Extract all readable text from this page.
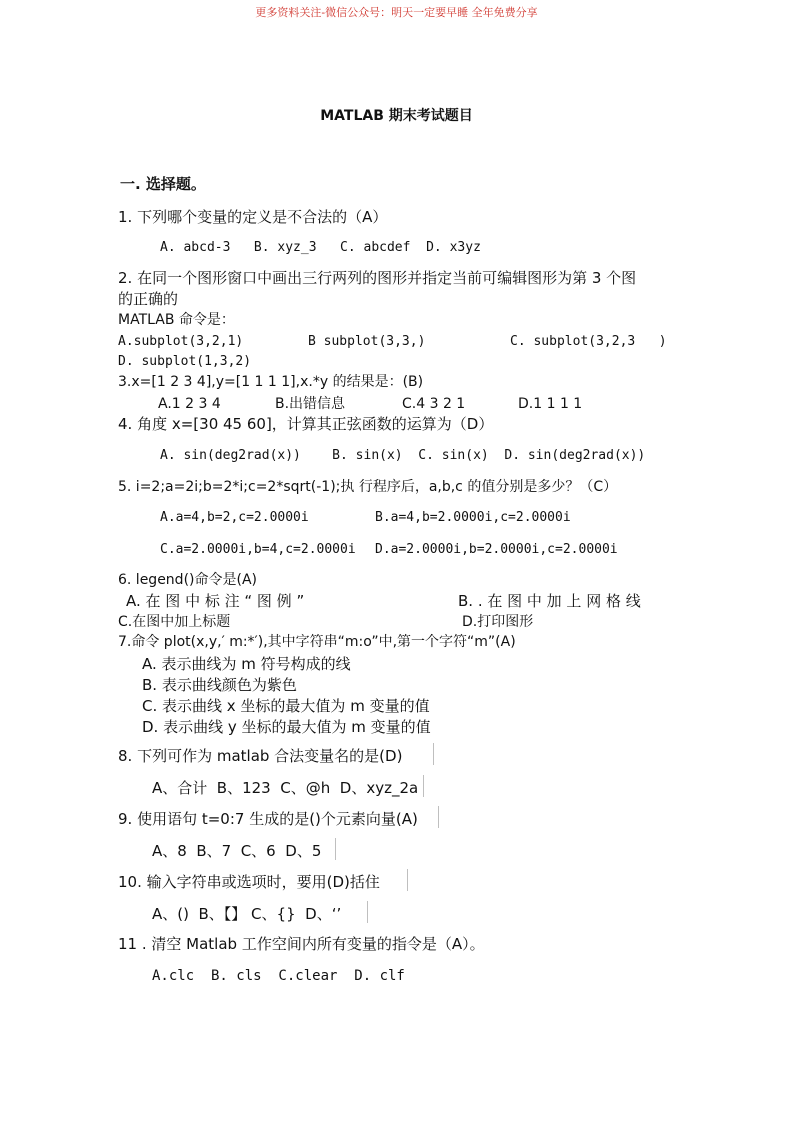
更多资料关注-微信公众号：明天一定要早睡 全年免费分享
MATLAB 期末考试题目
一. 选择题。
1. 下列哪个变量的定义是不合法的（A）
A. abcd-3   B. xyz_3   C. abcdef  D. x3yz
2. 在同一个图形窗口中画出三行两列的图形并指定当前可编辑图形为第 3 个图
的正确的
MATLAB 命令是：
A.subplot(3,2,1)	B subplot(3,3,)	C. subplot(3,2,3   )
D. subplot(1,3,2)
3.x=[1 2 3 4],y=[1 1 1 1],x.*y 的结果是：(B)
A.1 2 3 4	B.出错信息	C.4 3 2 1	D.1 1 1 1
4. 角度 x=[30 45 60]，计算其正弦函数的运算为（D）
A. sin(deg2rad(x))    B. sin(x)  C. sin(x)  D. sin(deg2rad(x))
5. i=2;a=2i;b=2*i;c=2*sqrt(-1);执 行程序后，a,b,c 的值分别是多少？（C）
A.a=4,b=2,c=2.0000i	B.a=4,b=2.0000i,c=2.0000i
C.a=2.0000i,b=4,c=2.0000i D.a=2.0000i,b=2.0000i,c=2.0000i
6. legend()命令是(A)
A. 在 图 中 标 注 “ 图 例 ”	B. . 在 图 中 加 上 网 格 线
C.在图中加上标题	D.打印图形
7.命令 plot(x,y,′ m:*′),其中字符串“m:o”中,第一个字符“m”(A)
A. 表示曲线为 m 符号构成的线
B. 表示曲线颜色为紫色
C. 表示曲线 x 坐标的最大值为 m 变量的值
D. 表示曲线 y 坐标的最大值为 m 变量的值
8. 下列可作为 matlab 合法变量名的是(D)
A、合计  B、123  C、@h  D、xyz_2a
9. 使用语句 t=0:7 生成的是()个元素向量(A)
A、8  B、7  C、6  D、5
10. 输入字符串或选项时，要用(D)括住
A、()  B、【】 C、{}  D、‘’
11 . 清空 Matlab 工作空间内所有变量的指令是（A）。
A.clc  B. cls  C.clear  D. clf
